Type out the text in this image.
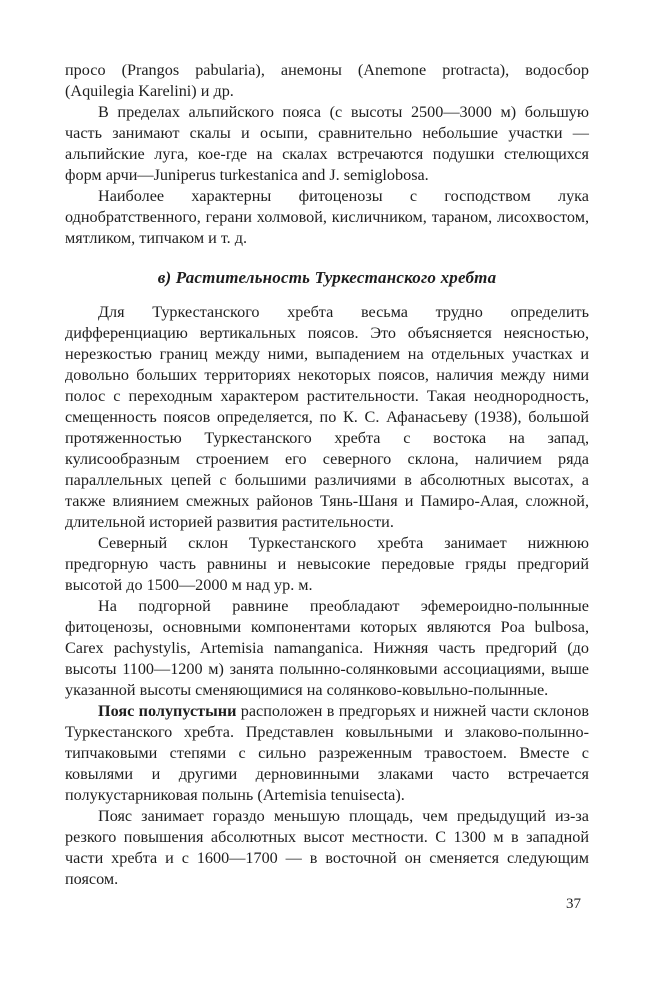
просо (Prangos pabularia), анемоны (Anemone protracta), водосбор (Aquilegia Karelini) и др.

В пределах альпийского пояса (с высоты 2500—3000 м) большую часть занимают скалы и осыпи, сравнительно небольшие участки — альпийские луга, кое-где на скалах встречаются подушки стелющихся форм арчи—Juniperus turkestanica and J. semiglobosa.

Наиболее характерны фитоценозы с господством лука однобратственного, герани холмовой, кисличником, тараном, лисохвостом, мятликом, типчаком и т. д.

в) Растительность Туркестанского хребта

Для Туркестанского хребта весьма трудно определить дифференциацию вертикальных поясов. Это объясняется неясностью, нерезкостью границ между ними, выпадением на отдельных участках и довольно больших территориях некоторых поясов, наличия между ними полос с переходным характером растительности. Такая неоднородность, смещенность поясов определяется, по К. С. Афанасьеву (1938), большой протяженностью Туркестанского хребта с востока на запад, кулисообразным строением его северного склона, наличием ряда параллельных цепей с большими различиями в абсолютных высотах, а также влиянием смежных районов Тянь-Шаня и Памиро-Алая, сложной, длительной историей развития растительности.

Северный склон Туркестанского хребта занимает нижнюю предгорную часть равнины и невысокие передовые гряды предгорий высотой до 1500—2000 м над ур. м.

На подгорной равнине преобладают эфемероидно-полынные фитоценозы, основными компонентами которых являются Poa bulbosa, Carex pachystylis, Artemisia namanganica. Нижняя часть предгорий (до высоты 1100—1200 м) занята полынно-солянковыми ассоциациями, выше указанной высоты сменяющимися на солянково-ковыльно-полынные.

Пояс полупустыни расположен в предгорьях и нижней части склонов Туркестанского хребта. Представлен ковыльными и злаково-полынно-типчаковыми степями с сильно разреженным травостоем. Вместе с ковылями и другими дерновинными злаками часто встречается полукустарниковая полынь (Artemisia tenuisecta).

Пояс занимает гораздо меньшую площадь, чем предыдущий из-за резкого повышения абсолютных высот местности. С 1300 м в западной части хребта и с 1600—1700 — в восточной он сменяется следующим поясом.

37
